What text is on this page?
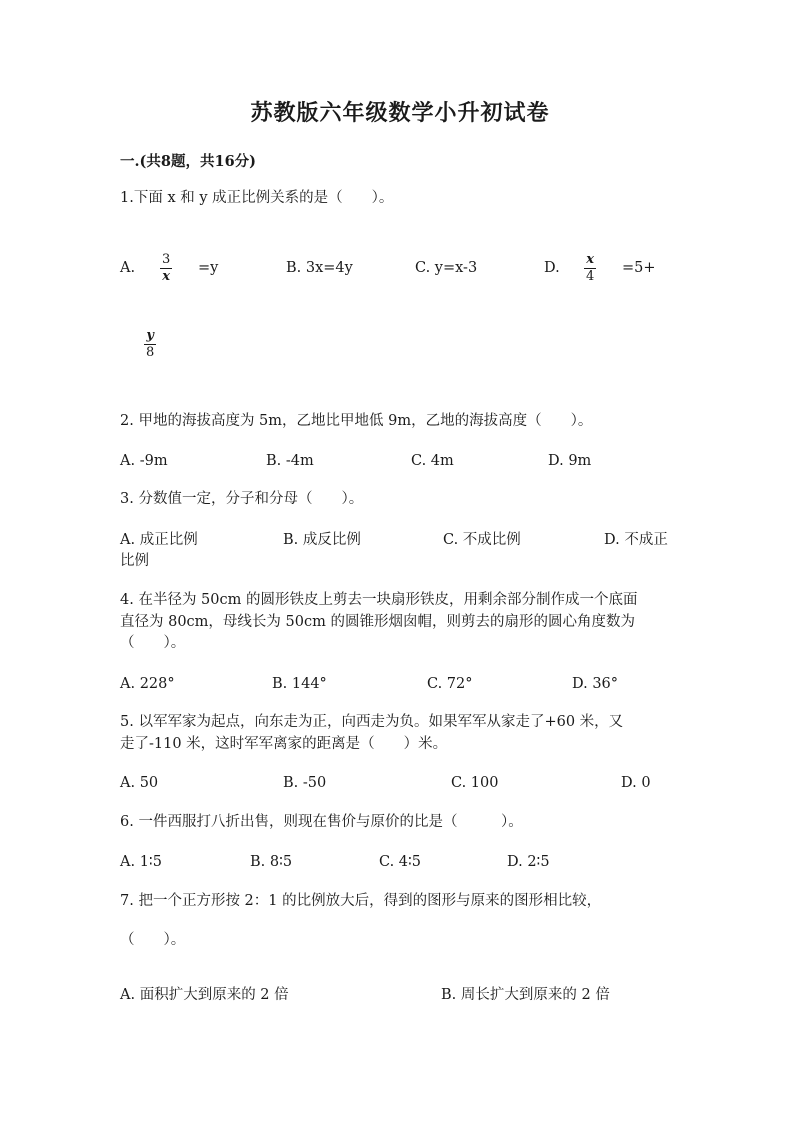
苏教版六年级数学小升初试卷
一.(共8题，共16分)
1.下面 x 和 y 成正比例关系的是（　　）。
A. $\frac{3}{x} =y$	B. 3x=4y	C. y=x-3	D. $\frac{x}{4} =5+$
$\frac{y}{8}$
2. 甲地的海拔高度为 5m，乙地比甲地低 9m，乙地的海拔高度（　　）。
A. -9m	B. -4m	C. 4m	D. 9m
3. 分数值一定，分子和分母（　　）。
A. 成正比例	B. 成反比例	C. 不成比例	D. 不成正
比例
4. 在半径为 50cm 的圆形铁皮上剪去一块扇形铁皮，用剩余部分制作成一个底面
直径为 80cm，母线长为 50cm 的圆锥形烟囱帽，则剪去的扇形的圆心角度数为
（　　）。
A. 228°	B. 144°	C. 72°	D. 36°
5. 以军军家为起点，向东走为正，向西走为负。如果军军从家走了+60 米，又
走了-110 米，这时军军离家的距离是（　　）米。
A. 50	B. -50	C. 100	D. 0
6. 一件西服打八折出售，则现在售价与原价的比是（　　　）。
A. 1∶5	B. 8∶5	C. 4∶5	D. 2∶5
7. 把一个正方形按 2：1 的比例放大后，得到的图形与原来的图形相比较，
（　　）。
A. 面积扩大到原来的 2 倍	B. 周长扩大到原来的 2 倍
